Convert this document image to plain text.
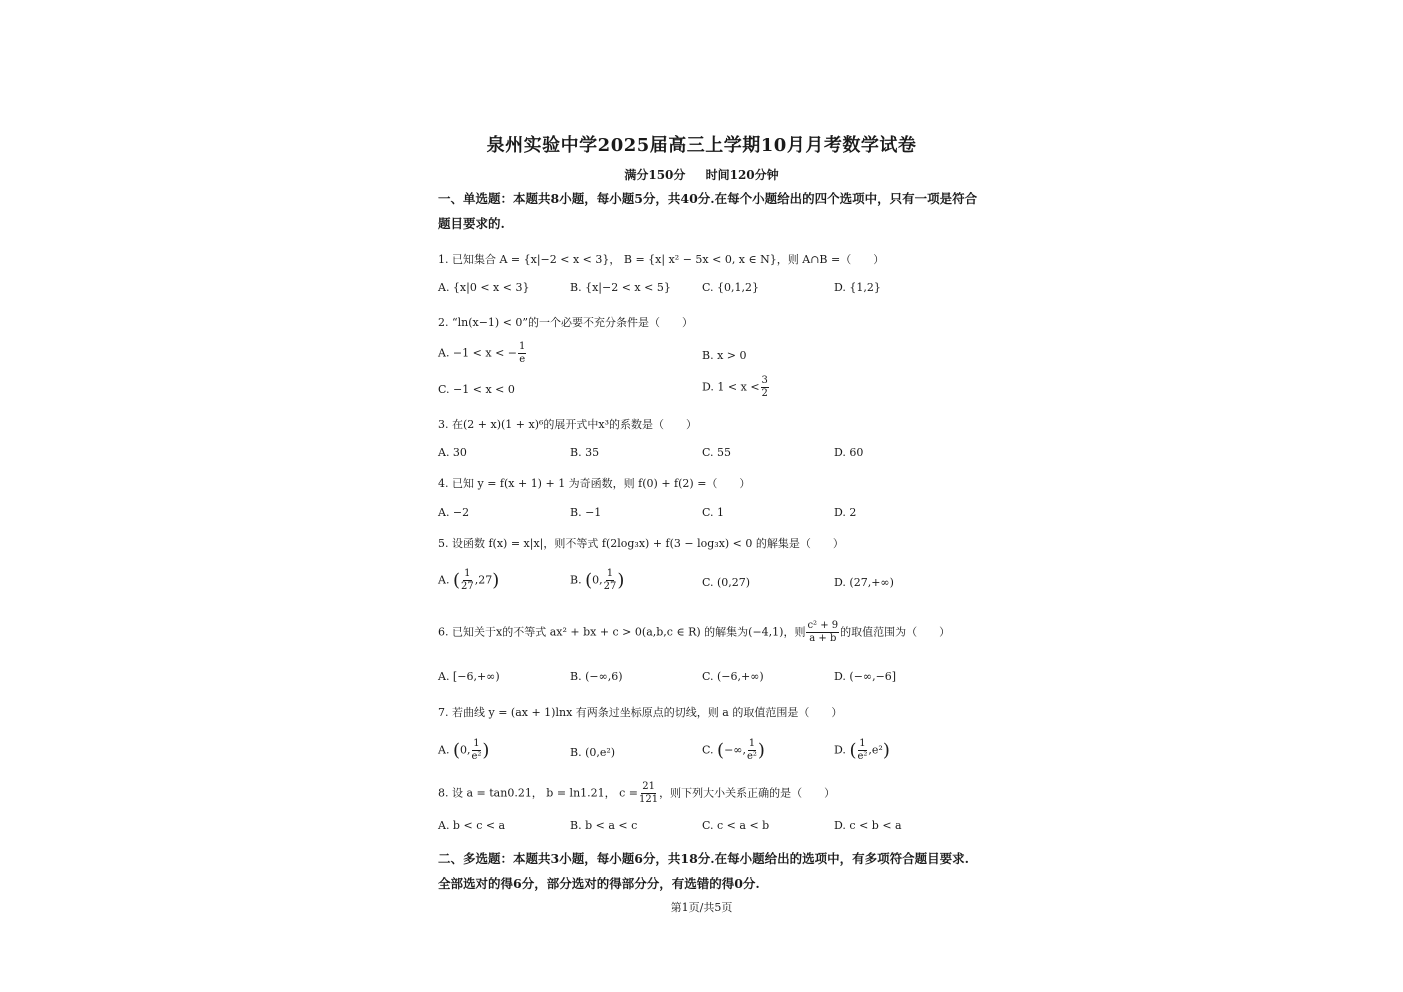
泉州实验中学2025届高三上学期10月月考数学试卷
满分150分 时间120分钟
一、单选题：本题共8小题，每小题5分，共40分.在每个小题给出的四个选项中，只有一项是符合题目要求的.
1. 已知集合 A = {x|−2 < x < 3}， B = {x| x² − 5x < 0, x ∈ N}，则 A∩B =（　　）
A. {x|0 < x < 3}	B. {x|−2 < x < 5}	C. {0,1,2}	D. {1,2}
2. “ln(x−1) < 0”的一个必要不充分条件是（　　）
A. −1 < x < − $\frac{1}{e}$	B. x > 0
C. −1 < x < 0	D. $1 < x < \frac{3}{2}$
3. 在(2 + x)(1 + x)⁶的展开式中x³的系数是（　　）
A. 30	B. 35	C. 55	D. 60
4. 已知 y = f(x + 1) + 1 为奇函数，则 f(0) + f(2) =（　　）
A. −2	B. −1	C. 1	D. 2
5. 设函数 f(x) = x|x|，则不等式 f(2log₃x) + f(3 − log₃x) < 0 的解集是（　　）
A. ( $\frac{1}{27} ,27$)	B. (0, $\frac{1}{27}$ )	C. (0,27)	D. (27,+∞)
6. 已知关于x的不等式 ax² + bx + c > 0(a,b,c ∈ R) 的解集为(−4,1)，则 $\frac{\text{c² + 9}}{a + b}$ 的取值范围为（　　）
A. [−6,+∞)	B. (−∞,6)	C. (−6,+∞)	D. (−∞,−6]
7. 若曲线 y = (ax + 1)lnx 有两条过坐标原点的切线，则 a 的取值范围是（　　）
A. (0, $\frac{1}{\text{e²}}$ )	B. (0,e²)	C. (−∞, $\frac{1}{\text{e²}}$ )	D. ( $\frac{1}{\text{e²}} ,e^2$)
8. 设 a = tan0.21， b = ln1.21， $c = \frac{21}{121}$ ，则下列大小关系正确的是（　　）
A. b < c < a	B. b < a < c	C. c < a < b	D. c < b < a
二、多选题：本题共3小题，每小题6分，共18分.在每小题给出的选项中，有多项符合题目要求.全部选对的得6分，部分选对的得部分分，有选错的得0分.
第1页/共5页
